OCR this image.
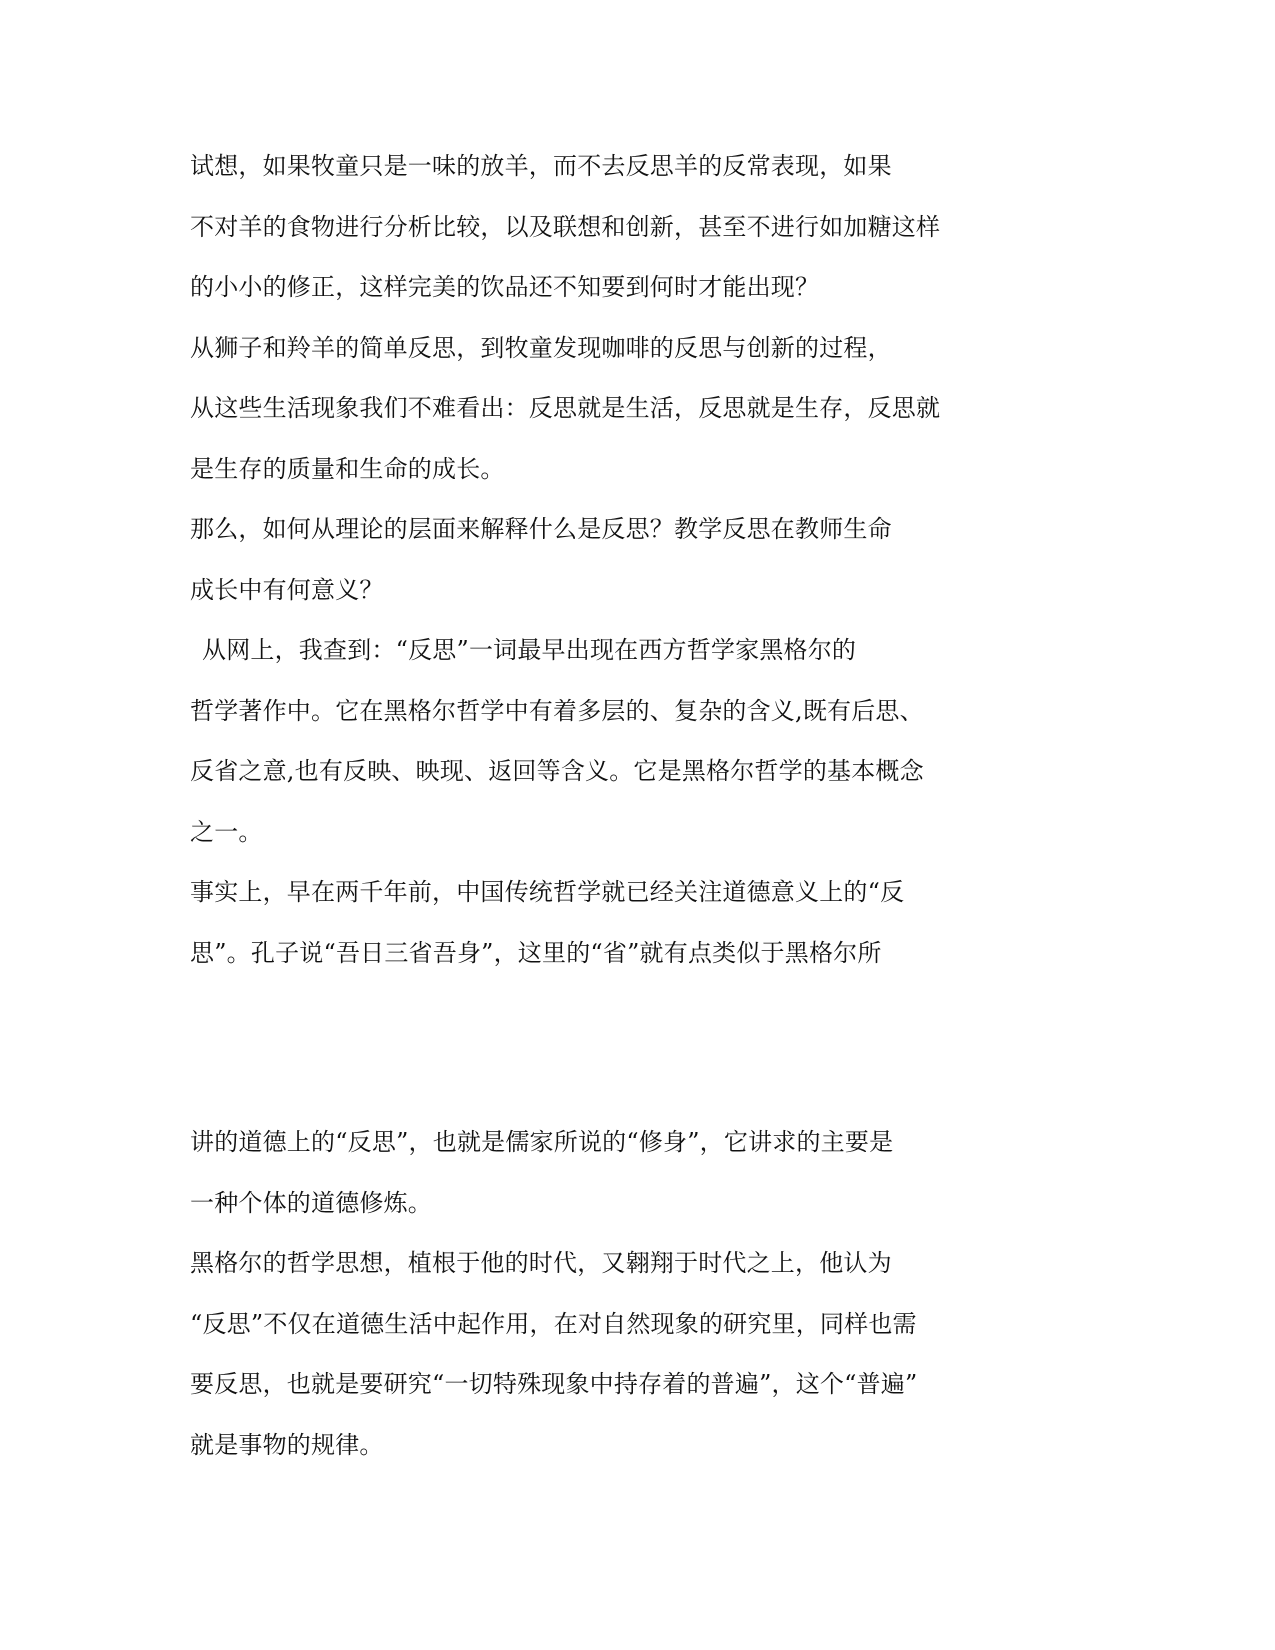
试想，如果牧童只是一味的放羊，而不去反思羊的反常表现，如果
不对羊的食物进行分析比较，以及联想和创新，甚至不进行如加糖这样
的小小的修正，这样完美的饮品还不知要到何时才能出现？
从狮子和羚羊的简单反思，到牧童发现咖啡的反思与创新的过程，
从这些生活现象我们不难看出：反思就是生活，反思就是生存，反思就
是生存的质量和生命的成长。
那么，如何从理论的层面来解释什么是反思？教学反思在教师生命
成长中有何意义？
从网上，我查到：“反思”一词最早出现在西方哲学家黑格尔的
哲学著作中。它在黑格尔哲学中有着多层的、复杂的含义,既有后思、
反省之意,也有反映、映现、返回等含义。它是黑格尔哲学的基本概念
之一。
事实上，早在两千年前，中国传统哲学就已经关注道德意义上的“反
思”。孔子说“吾日三省吾身”，这里的“省”就有点类似于黑格尔所
讲的道德上的“反思”，也就是儒家所说的“修身”，它讲求的主要是
一种个体的道德修炼。
黑格尔的哲学思想，植根于他的时代，又翱翔于时代之上，他认为
“反思”不仅在道德生活中起作用，在对自然现象的研究里，同样也需
要反思，也就是要研究“一切特殊现象中持存着的普遍”，这个“普遍”
就是事物的规律。
